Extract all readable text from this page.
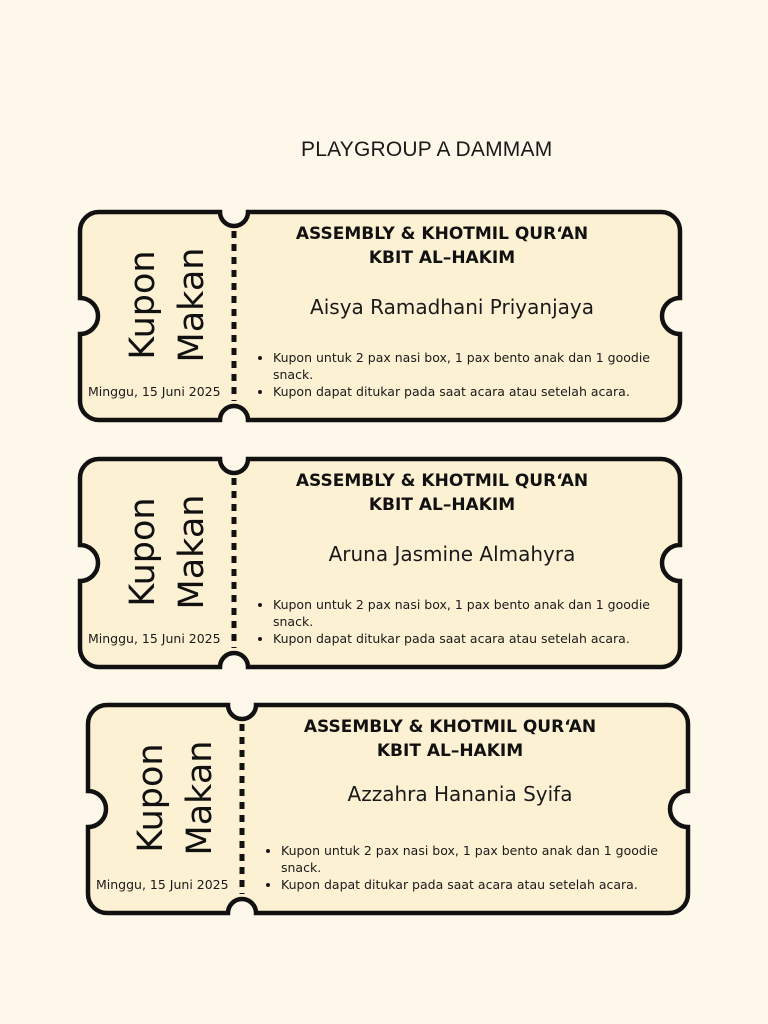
PLAYGROUP A DAMMAM
Kupon Makan
Minggu, 15 Juni 2025
ASSEMBLY & KHOTMIL QUR‘AN
KBIT AL–HAKIM
Aisya Ramadhani Priyanjaya
• Kupon untuk 2 pax nasi box, 1 pax bento anak dan 1 goodie snack.
• Kupon dapat ditukar pada saat acara atau setelah acara.
Kupon Makan
Minggu, 15 Juni 2025
ASSEMBLY & KHOTMIL QUR‘AN
KBIT AL–HAKIM
Aruna Jasmine Almahyra
• Kupon untuk 2 pax nasi box, 1 pax bento anak dan 1 goodie snack.
• Kupon dapat ditukar pada saat acara atau setelah acara.
Kupon Makan
Minggu, 15 Juni 2025
ASSEMBLY & KHOTMIL QUR‘AN
KBIT AL–HAKIM
Azzahra Hanania Syifa
• Kupon untuk 2 pax nasi box, 1 pax bento anak dan 1 goodie snack.
• Kupon dapat ditukar pada saat acara atau setelah acara.
